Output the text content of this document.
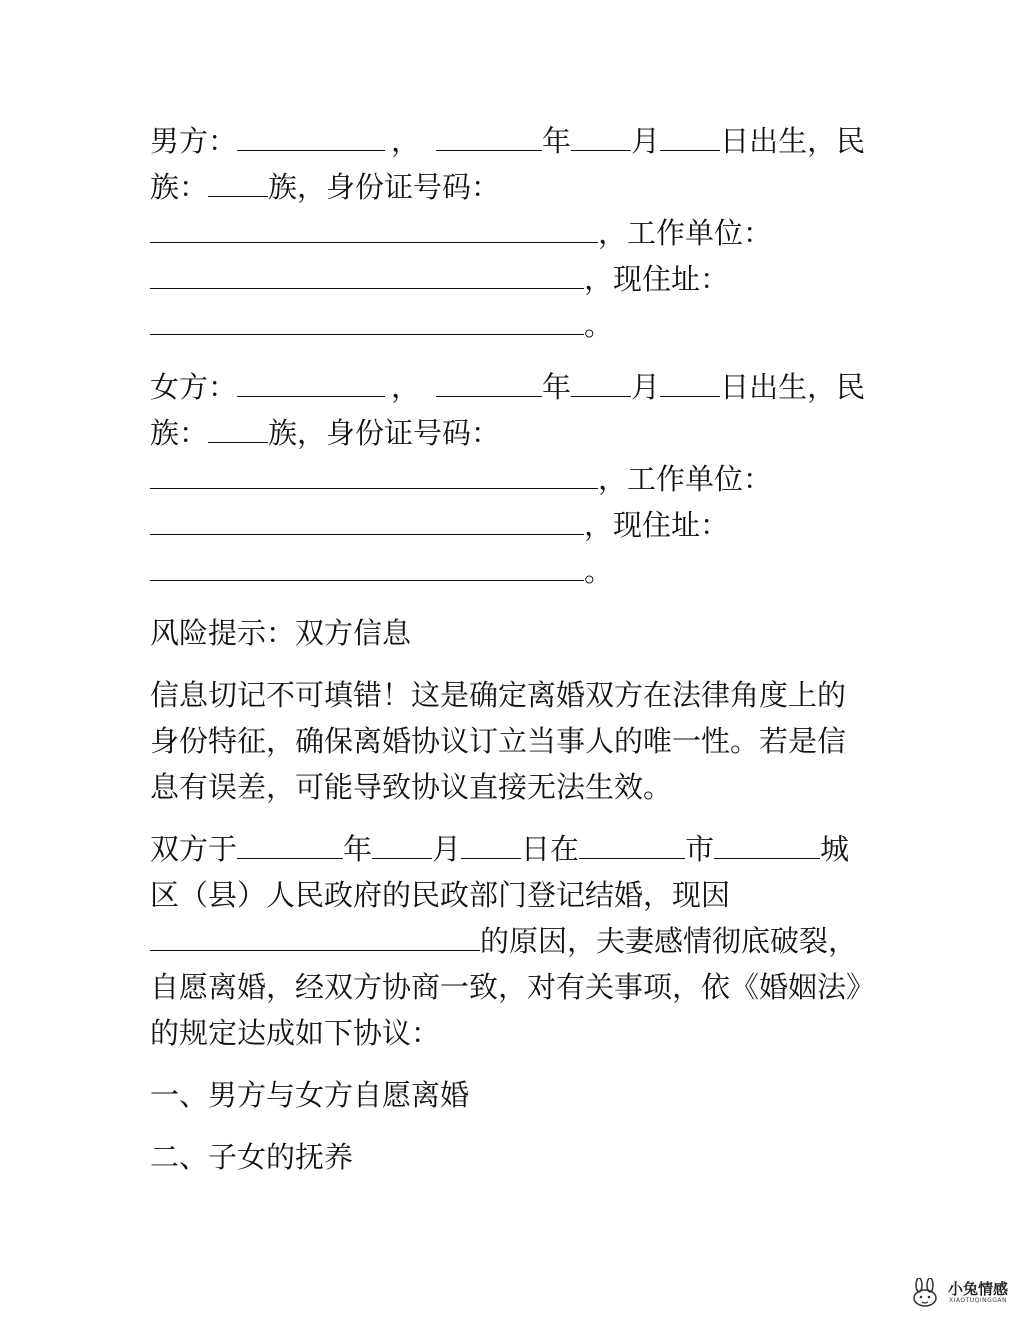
男方：	，	年 月 日出生，民
族： 族，身份证号码：
，工作单位：
，现住址：
。
女方：	，	年 月 日出生，民
族： 族，身份证号码：
，工作单位：
，现住址：
。
风险提示：双方信息
信息切记不可填错！这是确定离婚双方在法律角度上的
身份特征，确保离婚协议订立当事人的唯一性。若是信
息有误差，可能导致协议直接无法生效。
双方于	年 月 日在	市	城
区（县）人民政府的民政部门登记结婚，现因
的原因，夫妻感情彻底破裂，
自愿离婚，经双方协商一致，对有关事项，依《婚姻法》
的规定达成如下协议：
一、男方与女方自愿离婚
二、子女的抚养
小兔情感
XIAOTUQINGGAN
